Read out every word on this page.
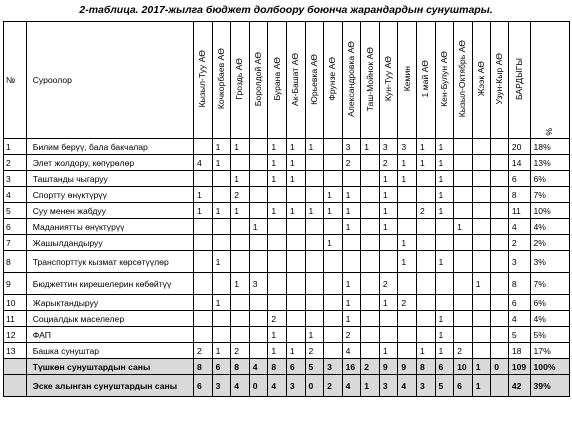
2-таблица. 2017-жылга бюджет долбоору боюнча жарандардын сунуштары.
№	Суроолор	Кызыл-Туу АӨ	Кочкорбаев АӨ	Гроздь АӨ	Боролдой АӨ	Бурана АӨ	Ак-Башат АӨ	Юрьевка АӨ	Фрунзе АӨ	Александровка АӨ	Таш-Мойнок АӨ	Кун-Туу АӨ	Кемин	1 май АӨ	Кен-Булун АӨ	Кызыл-Октябрь АӨ	Жээк АӨ	Узун-Кыр АӨ	БАРДЫГЫ	%
1	Билим берүү, бала бакчалар		1	1		1	1	1		3	1	3	3	1	1				20	18%
2	Элет жолдору, көпүрөлөр	4	1			1	1			2		2	1	1	1				14	13%
3	Таштанды чыгаруу			1		1	1					1	1		1				6	6%
4	Спортту өнүктүрүү	1		2					1	1		1			1				8	7%
5	Суу менен жабдуу	1	1	1		1	1	1	1	1		1		2	1				11	10%
6	Маданиятты өнүктүрүү				1					1		1				1			4	4%
7	Жашылдандыруу								1				1						2	2%
8	Транспорттук кызмат көрсөтүүлөр		1										1		1				3	3%
9	Бюджеттин киреше​лерин көбөйтүү			1	3					1		2					1		8	7%
10	Жарыктандыруу		1							1		1	2						6	6%
11	Социалдык маселелер					2				1					1				4	4%
12	ФАП					1		1		2					1				5	5%
13	Башка сунуштар	2	1	2		1	1	2		4		1		1	1	2			18	17%
	Түшкөн сунуштардын саны	8	6	8	4	8	6	5	3	16	2	9	9	8	6	10	1	0	109	100%
	Эске алынган сунуштардын саны	6	3	4	0	4	3	0	2	4	1	3	4	3	5	6	1		42	39%
